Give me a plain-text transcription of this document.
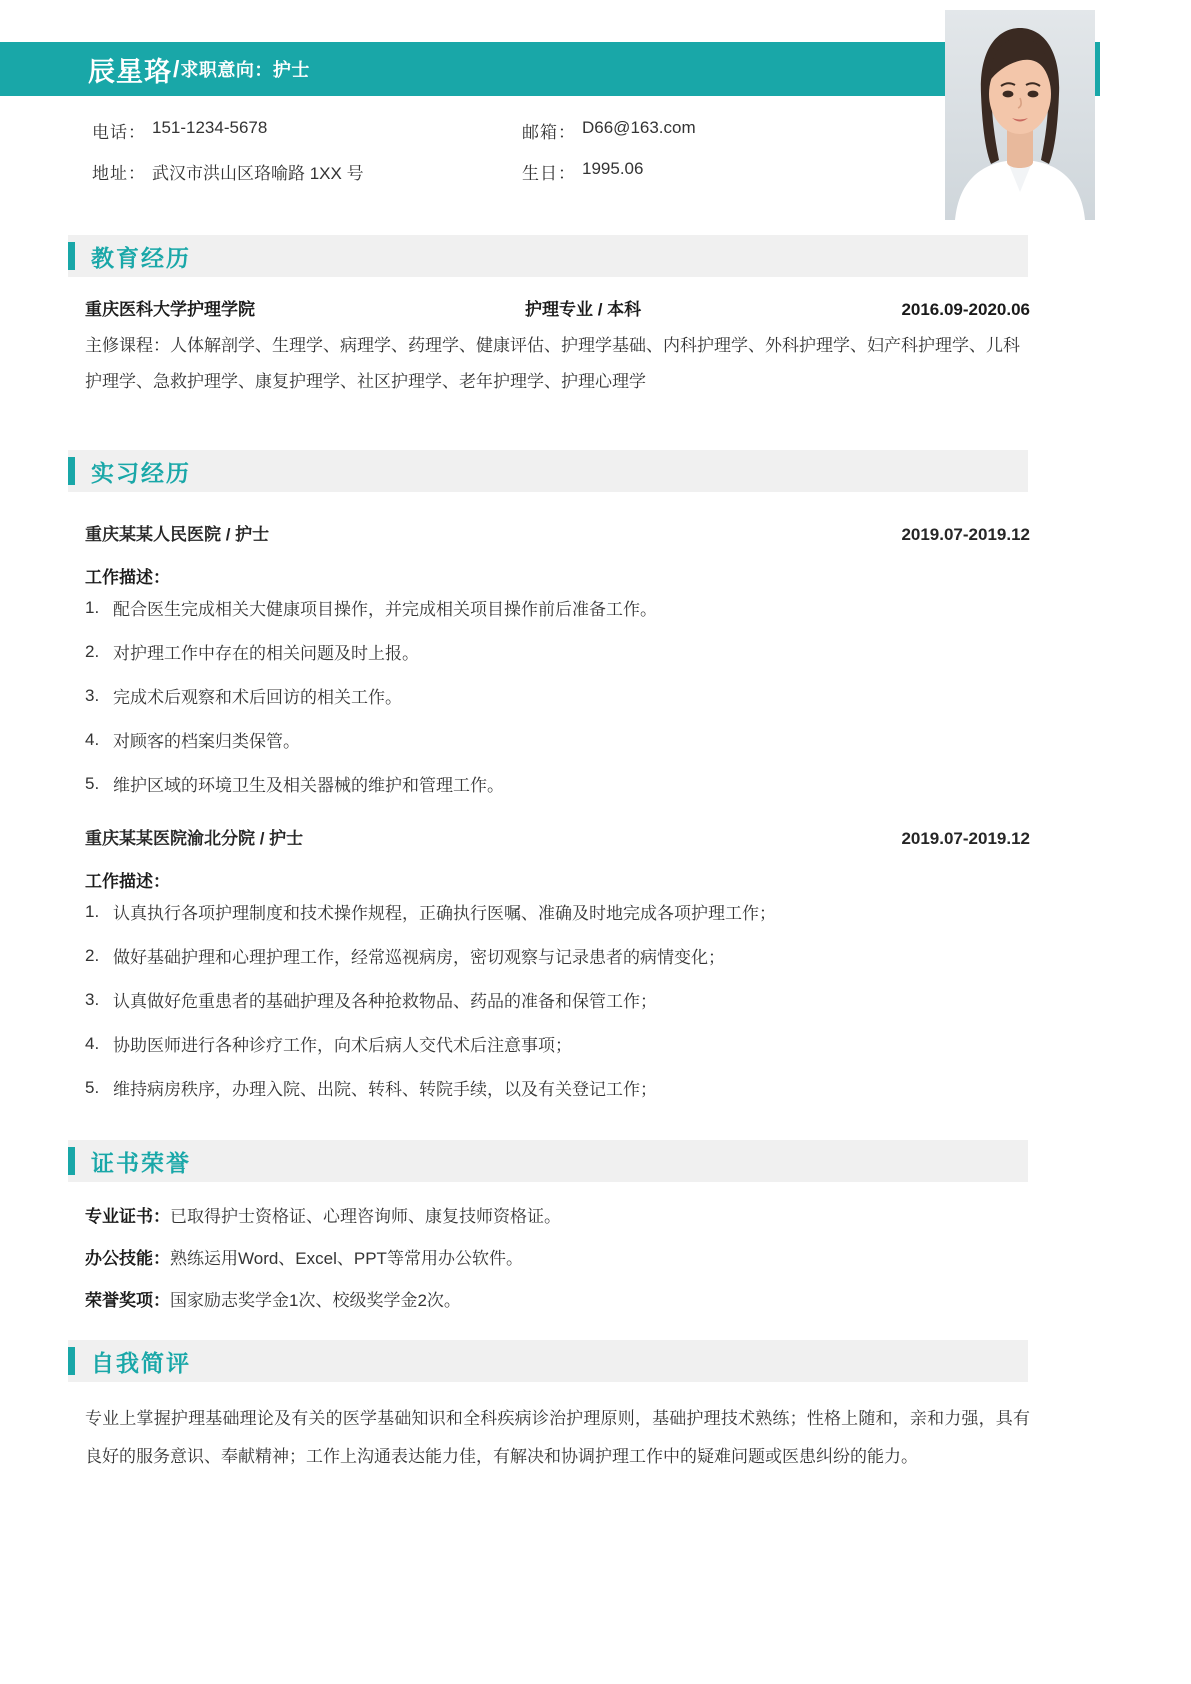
辰星珞 / 求职意向：护士
电话： 151-1234-5678	邮箱： D66@163.com
地址： 武汉市洪山区珞喻路 1XX 号	生日： 1995.06
教育经历
重庆医科大学护理学院	护理专业 / 本科	2016.09-2020.06
主修课程：人体解剖学、生理学、病理学、药理学、健康评估、护理学基础、内科护理学、外科护理学、妇产科护理学、儿科护理学、急救护理学、康复护理学、社区护理学、老年护理学、护理心理学
实习经历
重庆某某人民医院 / 护士	2019.07-2019.12
工作描述：
1. 配合医生完成相关大健康项目操作，并完成相关项目操作前后准备工作。
2. 对护理工作中存在的相关问题及时上报。
3. 完成术后观察和术后回访的相关工作。
4. 对顾客的档案归类保管。
5. 维护区域的环境卫生及相关器械的维护和管理工作。
重庆某某医院渝北分院 / 护士	2019.07-2019.12
工作描述：
1. 认真执行各项护理制度和技术操作规程，正确执行医嘱、准确及时地完成各项护理工作；
2. 做好基础护理和心理护理工作，经常巡视病房，密切观察与记录患者的病情变化；
3. 认真做好危重患者的基础护理及各种抢救物品、药品的准备和保管工作；
4. 协助医师进行各种诊疗工作，向术后病人交代术后注意事项；
5. 维持病房秩序，办理入院、出院、转科、转院手续，以及有关登记工作；
证书荣誉
专业证书：已取得护士资格证、心理咨询师、康复技师资格证。
办公技能：熟练运用Word、Excel、PPT等常用办公软件。
荣誉奖项：国家励志奖学金1次、校级奖学金2次。
自我简评
专业上掌握护理基础理论及有关的医学基础知识和全科疾病诊治护理原则，基础护理技术熟练；性格上随和，亲和力强，具有良好的服务意识、奉献精神；工作上沟通表达能力佳，有解决和协调护理工作中的疑难问题或医患纠纷的能力。
